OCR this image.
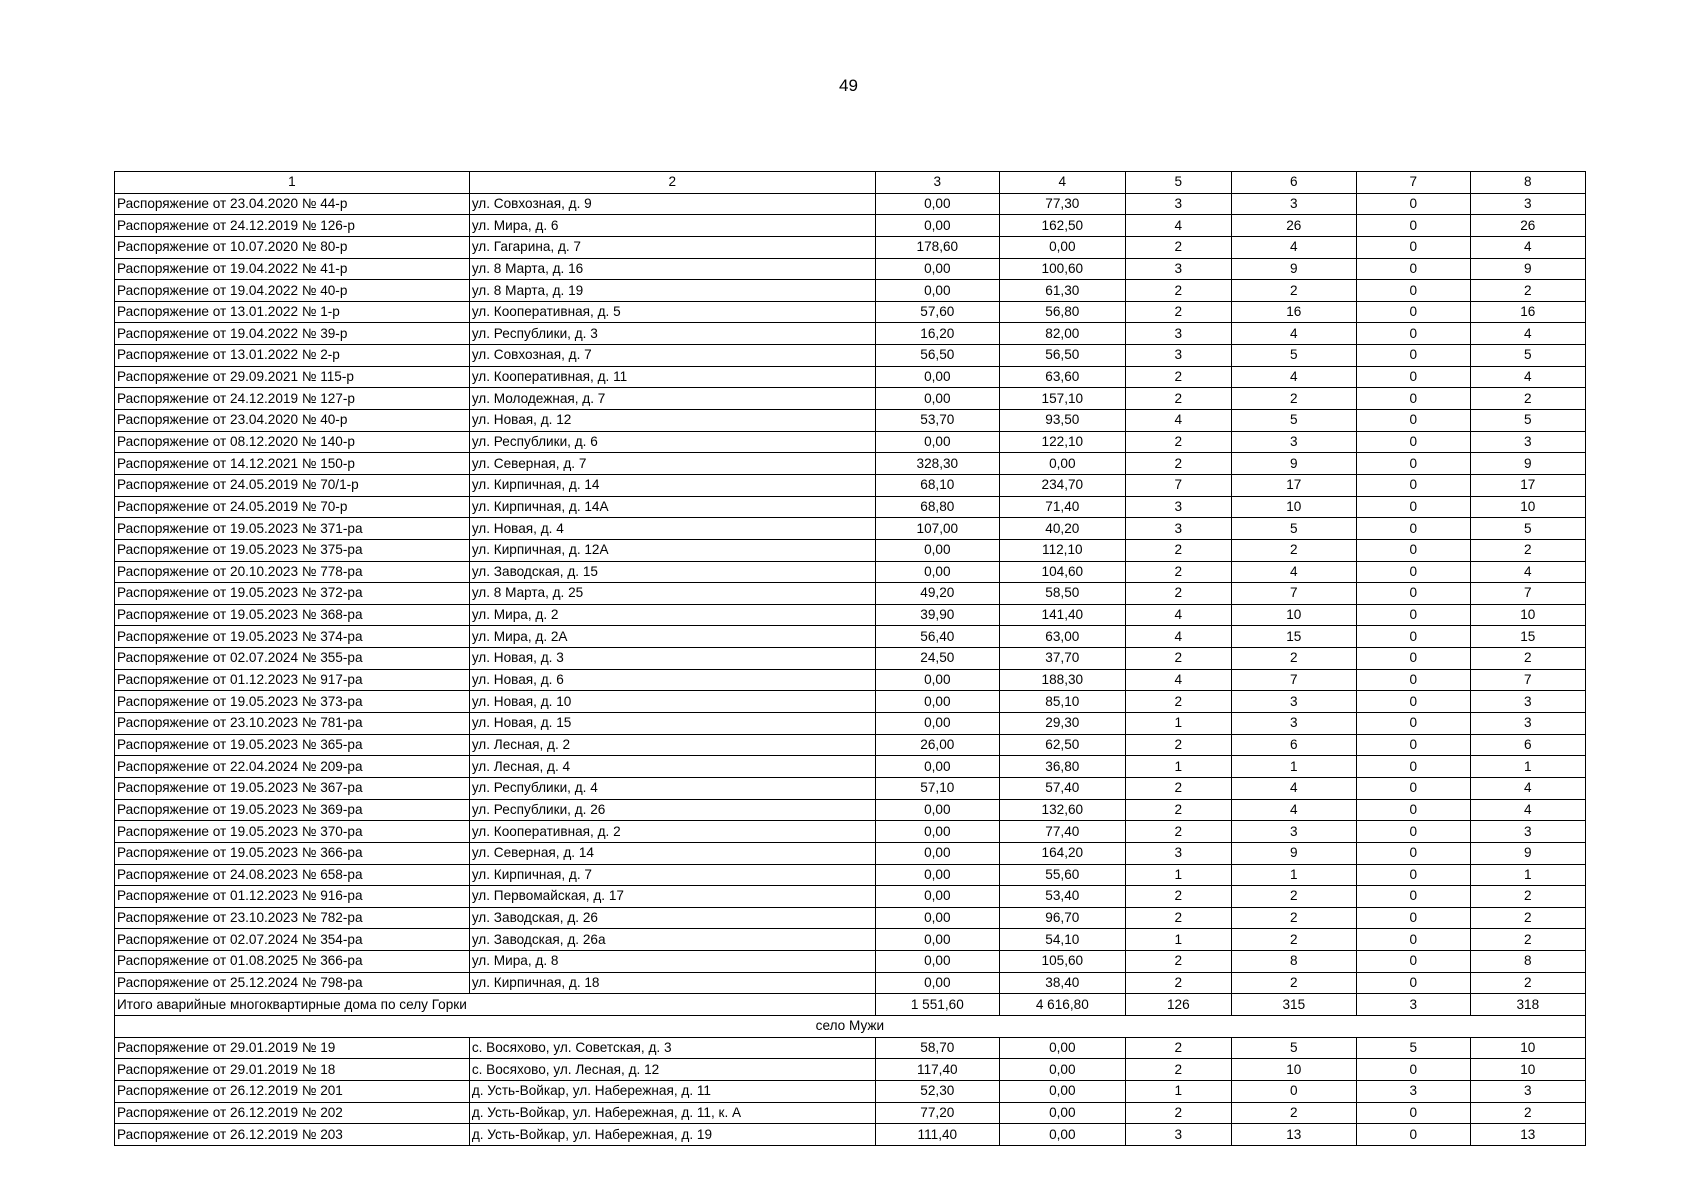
49
1	2	3	4	5	6	7	8
Распоряжение от 23.04.2020 № 44-р	ул. Совхозная, д. 9	0,00	77,30	3	3	0	3
Распоряжение от 24.12.2019 № 126-р	ул. Мира, д. 6	0,00	162,50	4	26	0	26
Распоряжение от 10.07.2020 № 80-р	ул. Гагарина, д. 7	178,60	0,00	2	4	0	4
Распоряжение от 19.04.2022 № 41-р	ул. 8 Марта, д. 16	0,00	100,60	3	9	0	9
Распоряжение от 19.04.2022 № 40-р	ул. 8 Марта, д. 19	0,00	61,30	2	2	0	2
Распоряжение от 13.01.2022 № 1-р	ул. Кооперативная, д. 5	57,60	56,80	2	16	0	16
Распоряжение от 19.04.2022 № 39-р	ул. Республики, д. 3	16,20	82,00	3	4	0	4
Распоряжение от 13.01.2022 № 2-р	ул. Совхозная, д. 7	56,50	56,50	3	5	0	5
Распоряжение от 29.09.2021 № 115-р	ул. Кооперативная, д. 11	0,00	63,60	2	4	0	4
Распоряжение от 24.12.2019 № 127-р	ул. Молодежная, д. 7	0,00	157,10	2	2	0	2
Распоряжение от 23.04.2020 № 40-р	ул. Новая, д. 12	53,70	93,50	4	5	0	5
Распоряжение от 08.12.2020 № 140-р	ул. Республики, д. 6	0,00	122,10	2	3	0	3
Распоряжение от 14.12.2021 № 150-р	ул. Северная, д. 7	328,30	0,00	2	9	0	9
Распоряжение от 24.05.2019 № 70/1-р	ул. Кирпичная, д. 14	68,10	234,70	7	17	0	17
Распоряжение от 24.05.2019 № 70-р	ул. Кирпичная, д. 14А	68,80	71,40	3	10	0	10
Распоряжение от 19.05.2023 № 371-ра	ул. Новая, д. 4	107,00	40,20	3	5	0	5
Распоряжение от 19.05.2023 № 375-ра	ул. Кирпичная, д. 12А	0,00	112,10	2	2	0	2
Распоряжение от 20.10.2023 № 778-ра	ул. Заводская, д. 15	0,00	104,60	2	4	0	4
Распоряжение от 19.05.2023 № 372-ра	ул. 8 Марта, д. 25	49,20	58,50	2	7	0	7
Распоряжение от 19.05.2023 № 368-ра	ул. Мира, д. 2	39,90	141,40	4	10	0	10
Распоряжение от 19.05.2023 № 374-ра	ул. Мира, д. 2А	56,40	63,00	4	15	0	15
Распоряжение от 02.07.2024 № 355-ра	ул. Новая, д. 3	24,50	37,70	2	2	0	2
Распоряжение от 01.12.2023 № 917-ра	ул. Новая, д. 6	0,00	188,30	4	7	0	7
Распоряжение от 19.05.2023 № 373-ра	ул. Новая, д. 10	0,00	85,10	2	3	0	3
Распоряжение от 23.10.2023 № 781-ра	ул. Новая, д. 15	0,00	29,30	1	3	0	3
Распоряжение от 19.05.2023 № 365-ра	ул. Лесная, д. 2	26,00	62,50	2	6	0	6
Распоряжение от 22.04.2024 № 209-ра	ул. Лесная, д. 4	0,00	36,80	1	1	0	1
Распоряжение от 19.05.2023 № 367-ра	ул. Республики, д. 4	57,10	57,40	2	4	0	4
Распоряжение от 19.05.2023 № 369-ра	ул. Республики, д. 26	0,00	132,60	2	4	0	4
Распоряжение от 19.05.2023 № 370-ра	ул. Кооперативная, д. 2	0,00	77,40	2	3	0	3
Распоряжение от 19.05.2023 № 366-ра	ул. Северная, д. 14	0,00	164,20	3	9	0	9
Распоряжение от 24.08.2023 № 658-ра	ул. Кирпичная, д. 7	0,00	55,60	1	1	0	1
Распоряжение от 01.12.2023 № 916-ра	ул. Первомайская, д. 17	0,00	53,40	2	2	0	2
Распоряжение от 23.10.2023 № 782-ра	ул. Заводская, д. 26	0,00	96,70	2	2	0	2
Распоряжение от 02.07.2024 № 354-ра	ул. Заводская, д. 26а	0,00	54,10	1	2	0	2
Распоряжение от 01.08.2025 № 366-ра	ул. Мира, д. 8	0,00	105,60	2	8	0	8
Распоряжение от 25.12.2024 № 798-ра	ул. Кирпичная, д. 18	0,00	38,40	2	2	0	2
Итого аварийные многоквартирные дома по селу Горки		1 551,60	4 616,80	126	315	3	318
село Мужи							
Распоряжение от 29.01.2019 № 19	с. Восяхово, ул. Советская, д. 3	58,70	0,00	2	5	5	10
Распоряжение от 29.01.2019 № 18	с. Восяхово, ул. Лесная, д. 12	117,40	0,00	2	10	0	10
Распоряжение от 26.12.2019 № 201	д. Усть-Войкар, ул. Набережная, д. 11	52,30	0,00	1	0	3	3
Распоряжение от 26.12.2019 № 202	д. Усть-Войкар, ул. Набережная, д. 11, к. А	77,20	0,00	2	2	0	2
Распоряжение от 26.12.2019 № 203	д. Усть-Войкар, ул. Набережная, д. 19	111,40	0,00	3	13	0	13
